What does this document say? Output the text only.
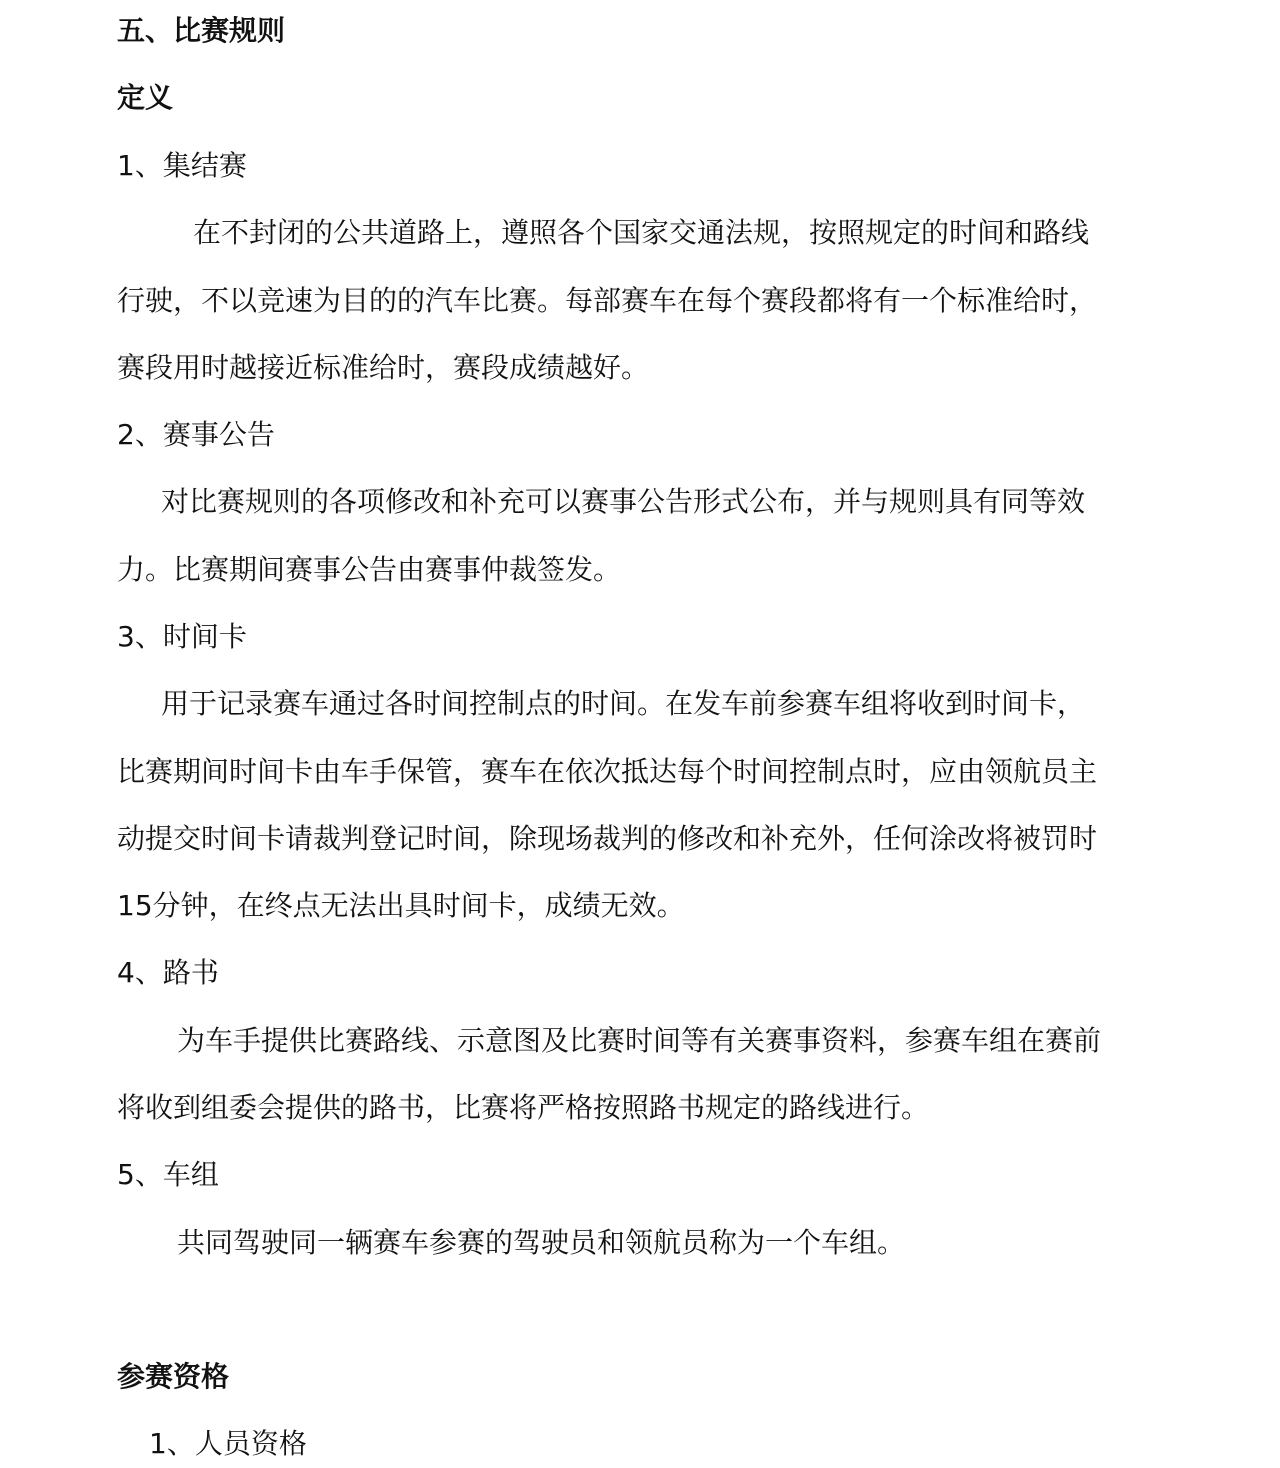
五、比赛规则
定义
1、集结赛
在不封闭的公共道路上，遵照各个国家交通法规，按照规定的时间和路线
行驶，不以竞速为目的的汽车比赛。每部赛车在每个赛段都将有一个标准给时，
赛段用时越接近标准给时，赛段成绩越好。
2、赛事公告
对比赛规则的各项修改和补充可以赛事公告形式公布，并与规则具有同等效
力。比赛期间赛事公告由赛事仲裁签发。
3、时间卡
用于记录赛车通过各时间控制点的时间。在发车前参赛车组将收到时间卡，
比赛期间时间卡由车手保管，赛车在依次抵达每个时间控制点时，应由领航员主
动提交时间卡请裁判登记时间，除现场裁判的修改和补充外，任何涂改将被罚时
15分钟，在终点无法出具时间卡，成绩无效。
4、路书
为车手提供比赛路线、示意图及比赛时间等有关赛事资料，参赛车组在赛前
将收到组委会提供的路书，比赛将严格按照路书规定的路线进行。
5、车组
共同驾驶同一辆赛车参赛的驾驶员和领航员称为一个车组。
参赛资格
1、人员资格
